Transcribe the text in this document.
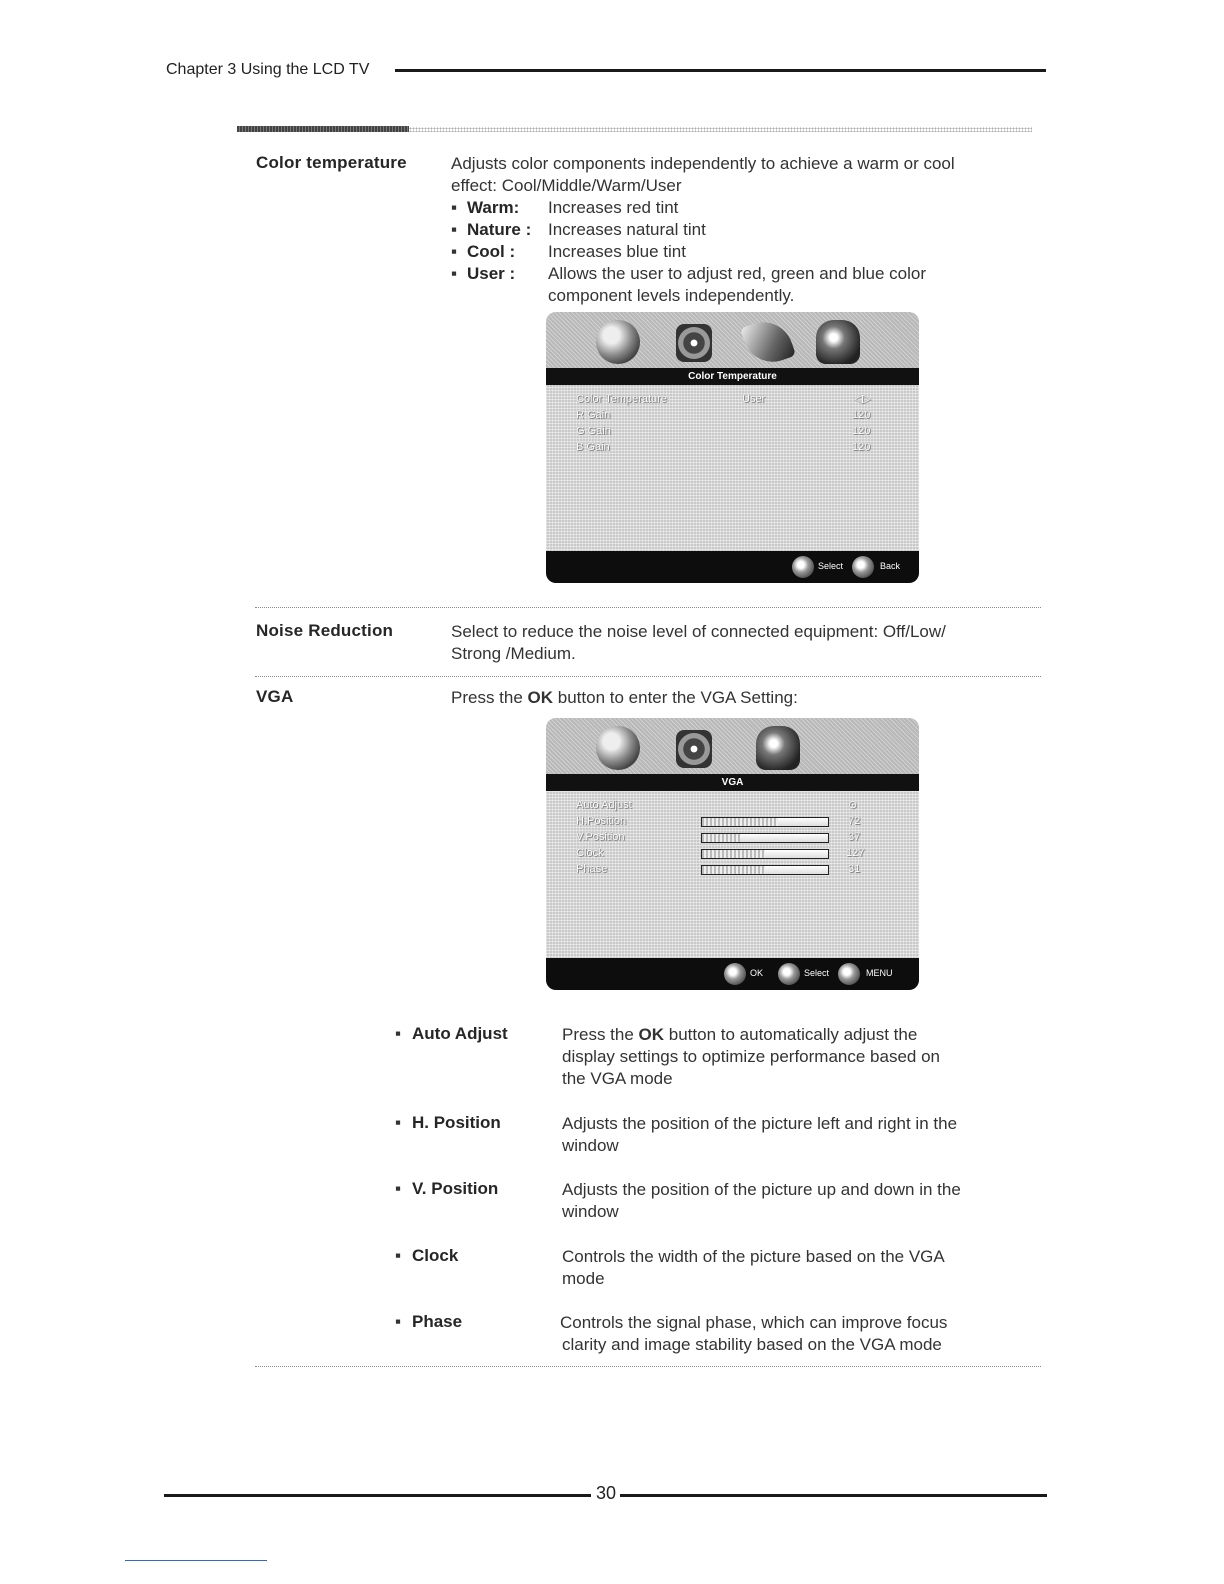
Chapter 3 Using the LCD TV
Color temperature	Adjusts color components independently to achieve a warm or cool
effect: Cool/Middle/Warm/User
▪ Warm: Increases red tint
▪ Nature : Increases natural tint
▪ Cool : Increases blue tint
▪ User : Allows the user to adjust red, green and blue color
component levels independently.
Color Temperature
Color Temperature	User	◁▷
R Gain	120
G Gain	120
B Gain	120
Select	Back
Noise Reduction	Select to reduce the noise level of connected equipment: Off/Low/
Strong /Medium.
VGA	Press the OK button to enter the VGA Setting:
VGA
Auto Adjust	⊙
H.Position	72
V.Position	37
Clock	127
Phase	31
OK	Select	MENU
▪ Auto Adjust	Press the OK button to automatically adjust the
display settings to optimize performance based on
the VGA mode
▪ H. Position	Adjusts the position of the picture left and right in the
window
▪ V. Position	Adjusts the position of the picture up and down in the
window
▪ Clock	Controls the width of the picture based on the VGA
mode
▪ Phase	Controls the signal phase, which can improve focus
clarity and image stability based on the VGA mode
30
